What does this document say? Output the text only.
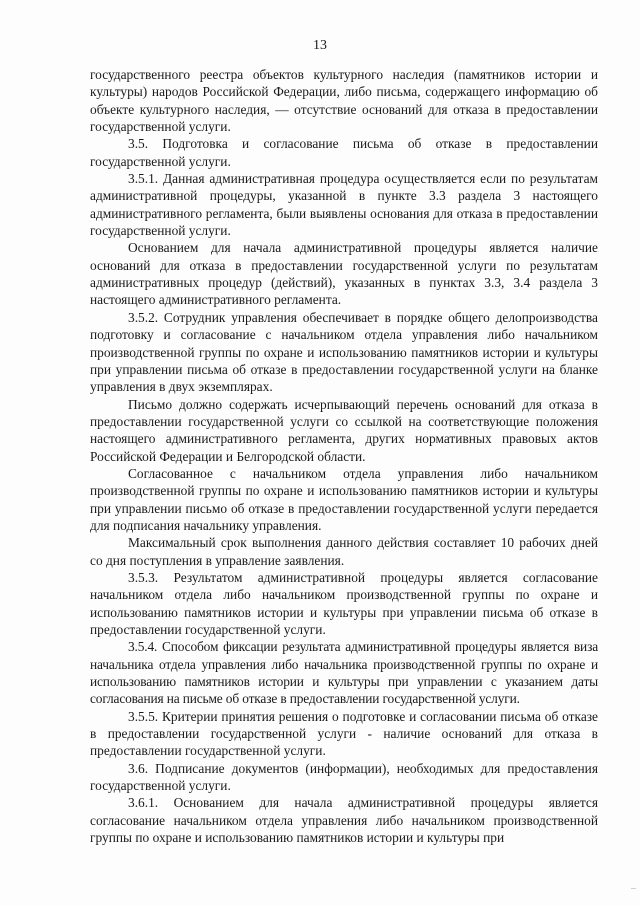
13

государственного реестра объектов культурного наследия (памятников истории и культуры) народов Российской Федерации, либо письма, содержащего информацию об объекте культурного наследия, — отсутствие оснований для отказа в предоставлении государственной услуги.

3.5. Подготовка и согласование письма об отказе в предоставлении государственной услуги.

3.5.1. Данная административная процедура осуществляется если по результатам административной процедуры, указанной в пункте 3.3 раздела 3 настоящего административного регламента, были выявлены основания для отказа в предоставлении государственной услуги.

Основанием для начала административной процедуры является наличие оснований для отказа в предоставлении государственной услуги по результатам административных процедур (действий), указанных в пунктах 3.3, 3.4 раздела 3 настоящего административного регламента.

3.5.2. Сотрудник управления обеспечивает в порядке общего делопроизводства подготовку и согласование с начальником отдела управления либо начальником производственной группы по охране и использованию памятников истории и культуры при управлении письма об отказе в предоставлении государственной услуги на бланке управления в двух экземплярах.

Письмо должно содержать исчерпывающий перечень оснований для отказа в предоставлении государственной услуги со ссылкой на соответствующие положения настоящего административного регламента, других нормативных правовых актов Российской Федерации и Белгородской области.

Согласованное с начальником отдела управления либо начальником производственной группы по охране и использованию памятников истории и культуры при управлении письмо об отказе в предоставлении государственной услуги передается для подписания начальнику управления.

Максимальный срок выполнения данного действия составляет 10 рабочих дней со дня поступления в управление заявления.

3.5.3. Результатом административной процедуры является согласование начальником отдела либо начальником производственной группы по охране и использованию памятников истории и культуры при управлении письма об отказе в предоставлении государственной услуги.

3.5.4. Способом фиксации результата административной процедуры является виза начальника отдела управления либо начальника производственной группы по охране и использованию памятников истории и культуры при управлении с указанием даты согласования на письме об отказе в предоставлении государственной услуги.

3.5.5. Критерии принятия решения о подготовке и согласовании письма об отказе в предоставлении государственной услуги - наличие оснований для отказа в предоставлении государственной услуги.

3.6. Подписание документов (информации), необходимых для предоставления государственной услуги.

3.6.1. Основанием для начала административной процедуры является согласование начальником отдела управления либо начальником производственной группы по охране и использованию памятников истории и культуры при
